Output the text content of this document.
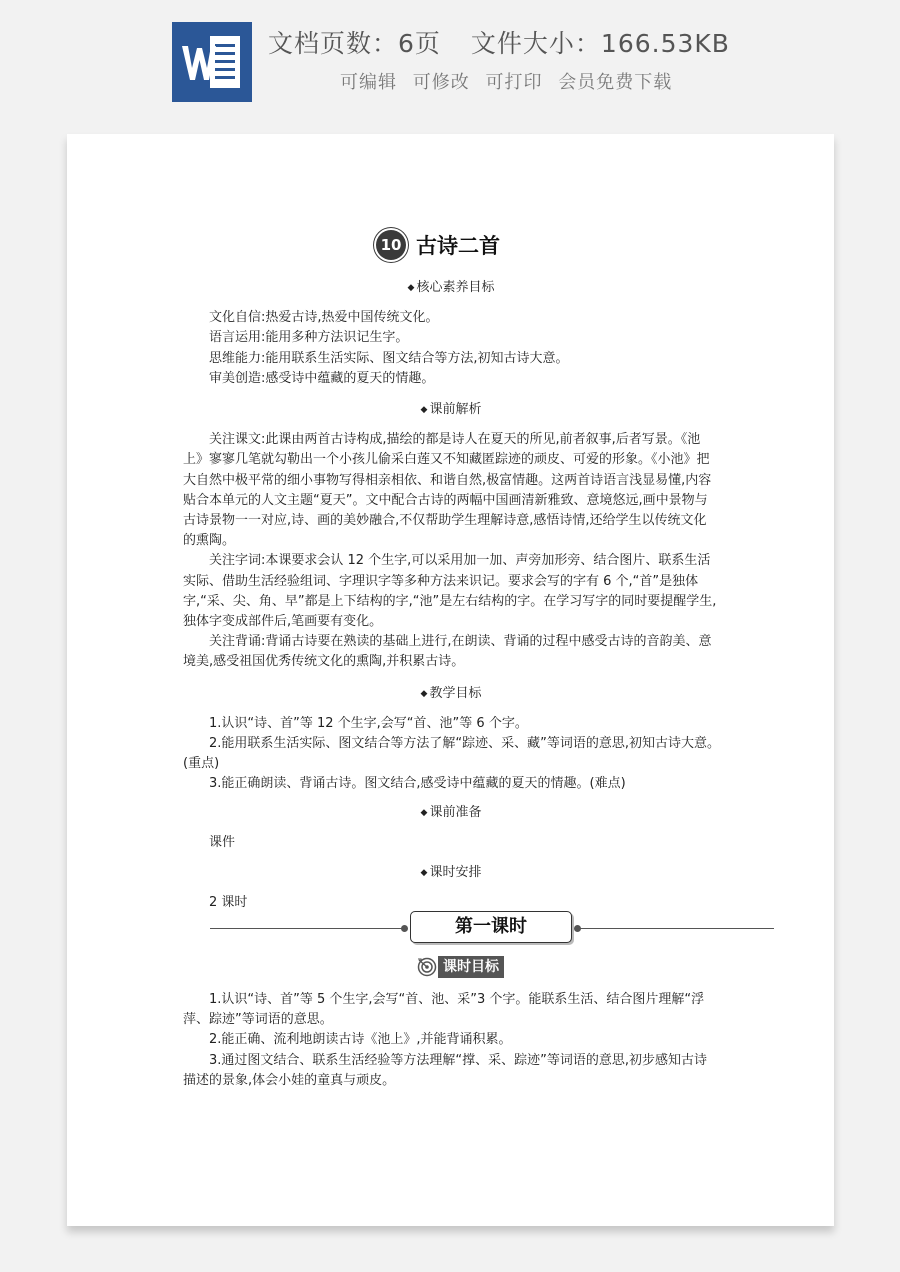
文档页数：6页 文件大小：166.53KB
可编辑 可修改 可打印 会员免费下载
10 古诗二首
◆ 核心素养目标

文化自信:热爱古诗,热爱中国传统文化。

语言运用:能用多种方法识记生字。

思维能力:能用联系生活实际、图文结合等方法,初知古诗大意。

审美创造:感受诗中蕴藏的夏天的情趣。

◆ 课前解析

关注课文:此课由两首古诗构成,描绘的都是诗人在夏天的所见,前者叙事,后者写景。《池上》寥寥几笔就勾勒出一个小孩儿偷采白莲又不知藏匿踪迹的顽皮、可爱的形象。《小池》把大自然中极平常的细小事物写得相亲相依、和谐自然,极富情趣。这两首诗语言浅显易懂,内容贴合本单元的人文主题“夏天”。文中配合古诗的两幅中国画清新雅致、意境悠远,画中景物与古诗景物一一对应,诗、画的美妙融合,不仅帮助学生理解诗意,感悟诗情,还给学生以传统文化的熏陶。

关注字词:本课要求会认 12 个生字,可以采用加一加、声旁加形旁、结合图片、联系生活实际、借助生活经验组词、字理识字等多种方法来识记。要求会写的字有 6 个,“首”是独体字,“采、尖、角、早”都是上下结构的字,“池”是左右结构的字。在学习写字的同时要提醒学生,独体字变成部件后,笔画要有变化。

关注背诵:背诵古诗要在熟读的基础上进行,在朗读、背诵的过程中感受古诗的音韵美、意境美,感受祖国优秀传统文化的熏陶,并积累古诗。

◆ 教学目标

1.认识“诗、首”等 12 个生字,会写“首、池”等 6 个字。

2.能用联系生活实际、图文结合等方法了解“踪迹、采、藏”等词语的意思,初知古诗大意。　(重点)

3.能正确朗读、背诵古诗。图文结合,感受诗中蕴藏的夏天的情趣。(难点)

◆ 课前准备

课件

◆ 课时安排

2 课时

第一课时
课时目标

1.认识“诗、首”等 5 个生字,会写“首、池、采”3 个字。能联系生活、结合图片理解“浮萍、踪迹”等词语的意思。

2.能正确、流利地朗读古诗《池上》,并能背诵积累。

3.通过图文结合、联系生活经验等方法理解“撑、采、踪迹”等词语的意思,初步感知古诗描述的景象,体会小娃的童真与顽皮。
